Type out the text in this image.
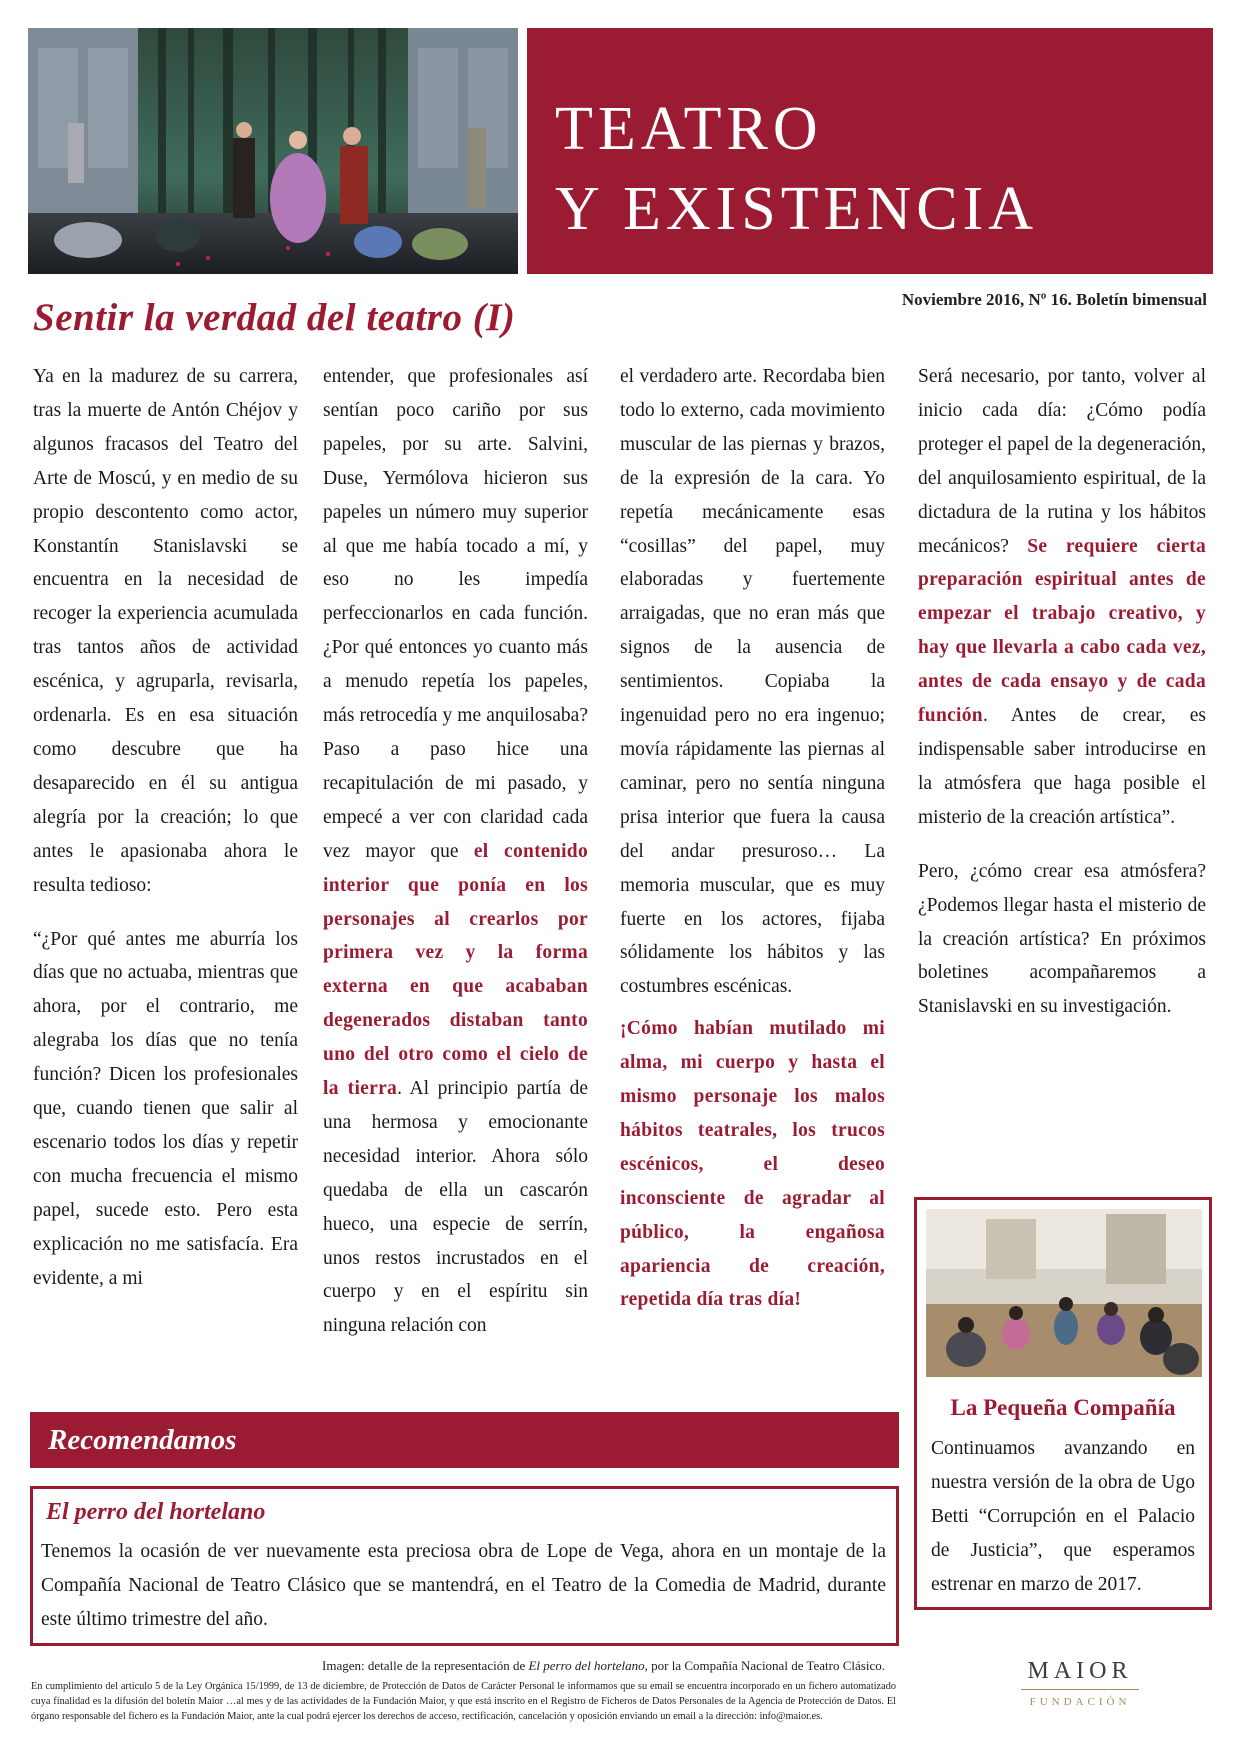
TEATRO
Y EXISTENCIA
Noviembre 2016, Nº 16. Boletín bimensual
Sentir la verdad del teatro (I)

Ya en la madurez de su carrera, tras la muerte de Antón Chéjov y algunos fracasos del Teatro del Arte de Moscú, y en medio de su propio descontento como actor, Konstantín Stanislavski se encuentra en la necesidad de recoger la experiencia acumulada tras tantos años de actividad escénica, y agruparla, revisarla, ordenarla. Es en esa situación como descubre que ha desaparecido en él su antigua alegría por la creación; lo que antes le apasionaba ahora le resulta tedioso:

“¿Por qué antes me aburría los días que no actuaba, mientras que ahora, por el contrario, me alegraba los días que no tenía función? Dicen los profesionales que, cuando tienen que salir al escenario todos los días y repetir con mucha frecuencia el mismo papel, sucede esto. Pero esta explicación no me satisfacía. Era evidente, a mi

entender, que profesionales así sentían poco cariño por sus papeles, por su arte. Salvini, Duse, Yermólova hicieron sus papeles un número muy superior al que me había tocado a mí, y eso no les impedía perfeccionarlos en cada función. ¿Por qué entonces yo cuanto más a menudo repetía los papeles, más retrocedía y me anquilosaba? Paso a paso hice una recapitulación de mi pasado, y empecé a ver con claridad cada vez mayor que el contenido interior que ponía en los personajes al crearlos por primera vez y la forma externa en que acababan degenerados distaban tanto uno del otro como el cielo de la tierra. Al principio partía de una hermosa y emocionante necesidad interior. Ahora sólo quedaba de ella un cascarón hueco, una especie de serrín, unos restos incrustados en el cuerpo y en el espíritu sin ninguna relación con

el verdadero arte. Recordaba bien todo lo externo, cada movimiento muscular de las piernas y brazos, de la expresión de la cara. Yo repetía mecánicamente esas “cosillas” del papel, muy elaboradas y fuertemente arraigadas, que no eran más que signos de la ausencia de sentimientos. Copiaba la ingenuidad pero no era ingenuo; movía rápidamente las piernas al caminar, pero no sentía ninguna prisa interior que fuera la causa del andar presuroso… La memoria muscular, que es muy fuerte en los actores, fijaba sólidamente los hábitos y las costumbres escénicas.

¡Cómo habían mutilado mi alma, mi cuerpo y hasta el mismo personaje los malos hábitos teatrales, los trucos escénicos, el deseo inconsciente de agradar al público, la engañosa apariencia de creación, repetida día tras día!

Será necesario, por tanto, volver al inicio cada día: ¿Cómo podía proteger el papel de la degeneración, del anquilosamiento espiritual, de la dictadura de la rutina y los hábitos mecánicos? Se requiere cierta preparación espiritual antes de empezar el trabajo creativo, y hay que llevarla a cabo cada vez, antes de cada ensayo y de cada función. Antes de crear, es indispensable saber introducirse en la atmósfera que haga posible el misterio de la creación artística”.

Pero, ¿cómo crear esa atmósfera? ¿Podemos llegar hasta el misterio de la creación artística? En próximos boletines acompañaremos a Stanislavski en su investigación.

La Pequeña Compañía
Continuamos avanzando en nuestra versión de la obra de Ugo Betti “Corrupción en el Palacio de Justicia”, que esperamos estrenar en marzo de 2017.
Recomendamos
El perro del hortelano
Tenemos la ocasión de ver nuevamente esta preciosa obra de Lope de Vega, ahora en un montaje de la Compañía Nacional de Teatro Clásico que se mantendrá, en el Teatro de la Comedia de Madrid, durante este último trimestre del año.
Imagen: detalle de la representación de El perro del hortelano, por la Compañía Nacional de Teatro Clásico.
En cumplimiento del artículo 5 de la Ley Orgánica 15/1999, de 13 de diciembre, de Protección de Datos de Carácter Personal le informamos que su email se encuentra incorporado en un fichero automatizado cuya finalidad es la difusión del boletín Maior …al mes y de las actividades de la Fundación Maior, y que está inscrito en el Registro de Ficheros de Datos Personales de la Agencia de Protección de Datos. El órgano responsable del fichero es la Fundación Maior, ante la cual podrá ejercer los derechos de acceso, rectificación, cancelación y oposición enviando un email a la dirección: info@maior.es.
MAIOR
FUNDACIÓN
